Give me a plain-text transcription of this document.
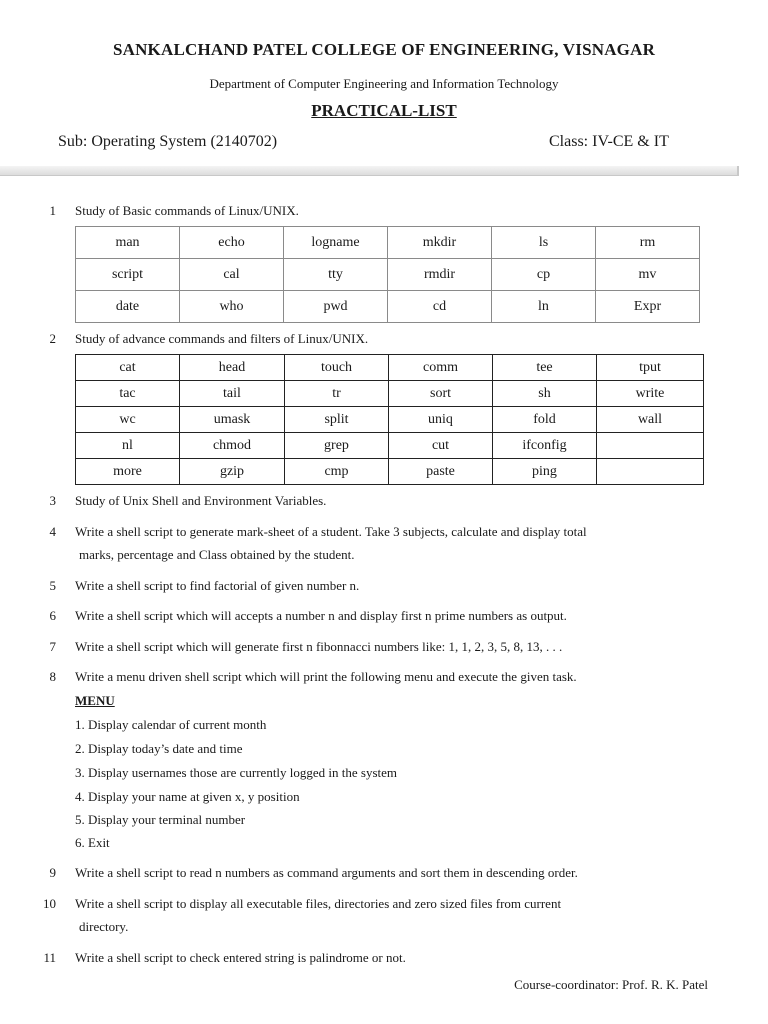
SANKALCHAND PATEL COLLEGE OF ENGINEERING, VISNAGAR
Department of Computer Engineering and Information Technology
PRACTICAL-LIST
Sub: Operating System (2140702)	Class: IV-CE & IT
1 Study of Basic commands of Linux/UNIX.
man	echo	logname	mkdir	ls	rm
script	cal	tty	rmdir	cp	mv
date	who	pwd	cd	ln	Expr
2 Study of advance commands and filters of Linux/UNIX.
cat	head	touch	comm	tee	tput
tac	tail	tr	sort	sh	write
wc	umask	split	uniq	fold	wall
nl	chmod	grep	cut	ifconfig	
more	gzip	cmp	paste	ping	
3 Study of Unix Shell and Environment Variables.
4 Write a shell script to generate mark-sheet of a student. Take 3 subjects, calculate and display total
marks, percentage and Class obtained by the student.
5 Write a shell script to find factorial of given number n.
6 Write a shell script which will accepts a number n and display first n prime numbers as output.
7 Write a shell script which will generate first n fibonnacci numbers like: 1, 1, 2, 3, 5, 8, 13, . . .
8 Write a menu driven shell script which will print the following menu and execute the given task.
MENU
1. Display calendar of current month
2. Display today’s date and time
3. Display usernames those are currently logged in the system
4. Display your name at given x, y position
5. Display your terminal number
6. Exit
9 Write a shell script to read n numbers as command arguments and sort them in descending order.
10 Write a shell script to display all executable files, directories and zero sized files from current
directory.
11 Write a shell script to check entered string is palindrome or not.
Course-coordinator: Prof. R. K. Patel
